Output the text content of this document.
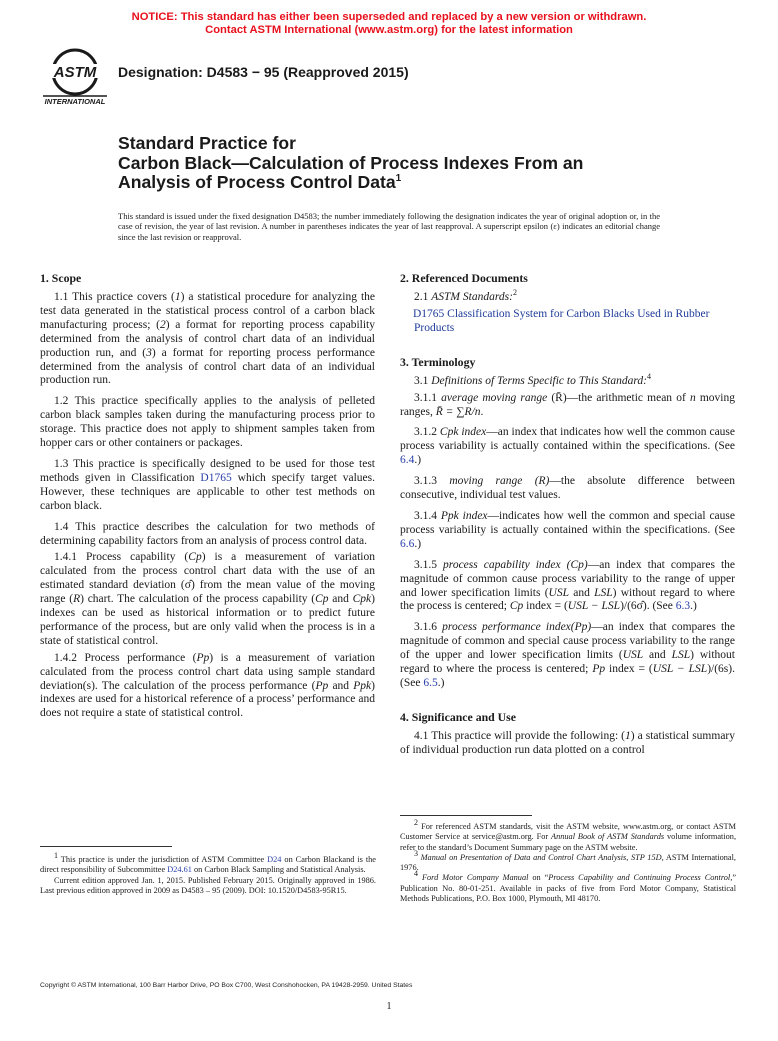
NOTICE: This standard has either been superseded and replaced by a new version or withdrawn.
Contact ASTM International (www.astm.org) for the latest information
ASTM
INTERNATIONAL
Designation: D4583 − 95 (Reapproved 2015)
Standard Practice for
Carbon Black—Calculation of Process Indexes From an
Analysis of Process Control Data$^1$
This standard is issued under the fixed designation D4583; the number immediately following the designation indicates the year of original adoption or, in the case of revision, the year of last revision. A number in parentheses indicates the year of last reapproval. A superscript epsilon (ε) indicates an editorial change since the last revision or reapproval.
1. Scope

1.1 This practice covers (1) a statistical procedure for analyzing the test data generated in the statistical process control of a carbon black manufacturing process; (2) a format for reporting process capability determined from the analysis of control chart data of an individual production run, and (3) a format for reporting process performance determined from the analysis of control chart data of an individual production run.

1.2 This practice specifically applies to the analysis of pelleted carbon black samples taken during the manufacturing process prior to storage. This practice does not apply to shipment samples taken from hopper cars or other containers or packages.

1.3 This practice is specifically designed to be used for those test methods given in Classification D1765 which specify target values. However, these techniques are applicable to other test methods on carbon black.

1.4 This practice describes the calculation for two methods of determining capability factors from an analysis of process control data.

1.4.1 Process capability (Cp) is a measurement of variation calculated from the process control chart data with the use of an estimated standard deviation (σ̂) from the mean value of the moving range (R) chart. The calculation of the process capability (Cp and Cpk) indexes can be used as historical information or to predict future performance of the process, but are only valid when the process is in a state of statistical control.

1.4.2 Process performance (Pp) is a measurement of variation calculated from the process control chart data using sample standard deviation(s). The calculation of the process performance (Pp and Ppk) indexes are used for a historical reference of a process’ performance and does not require a state of statistical control.

2. Referenced Documents

2.1 ASTM Standards:$^2$

D1765 Classification System for Carbon Blacks Used in Rubber Products

3. Terminology

3.1 Definitions of Terms Specific to This Standard:$^4$

3.1.1 average moving range (R̄)—the arithmetic mean of n moving ranges, R̄ = ∑R/n.

3.1.2 Cpk index—an index that indicates how well the common cause process variability is actually contained within the specifications. (See 6.4.)

3.1.3 moving range (R)—the absolute difference between consecutive, individual test values.

3.1.4 Ppk index—indicates how well the common and special cause process variability is actually contained within the specifications. (See 6.6.)

3.1.5 process capability index (Cp)—an index that compares the magnitude of common cause process variability to the range of upper and lower specification limits (USL and LSL) without regard to where the process is centered; Cp index = (USL − LSL)/(6σ̂). (See 6.3.)

3.1.6 process performance index(Pp)—an index that compares the magnitude of common and special cause process variability to the range of the upper and lower specification limits (USL and LSL) without regard to where the process is centered; Pp index = (USL − LSL)/(6s). (See 6.5.)

4. Significance and Use

4.1 This practice will provide the following: (1) a statistical summary of individual production run data plotted on a control

$^1$ This practice is under the jurisdiction of ASTM Committee D24 on Carbon Blackand is the direct responsibility of Subcommittee D24.61 on Carbon Black Sampling and Statistical Analysis.

Current edition approved Jan. 1, 2015. Published February 2015. Originally approved in 1986. Last previous edition approved in 2009 as D4583 – 95 (2009). DOI: 10.1520/D4583-95R15.

$^2$ For referenced ASTM standards, visit the ASTM website, www.astm.org, or contact ASTM Customer Service at service@astm.org. For Annual Book of ASTM Standards volume information, refer to the standard’s Document Summary page on the ASTM website.

$^3$ Manual on Presentation of Data and Control Chart Analysis, STP 15D, ASTM International, 1976.

$^4$ Ford Motor Company Manual on “Process Capability and Continuing Process Control,” Publication No. 80-01-251. Available in packs of five from Ford Motor Company, Statistical Methods Publications, P.O. Box 1000, Plymouth, MI 48170.

Copyright © ASTM International, 100 Barr Harbor Drive, PO Box C700, West Conshohocken, PA 19428-2959. United States
1
